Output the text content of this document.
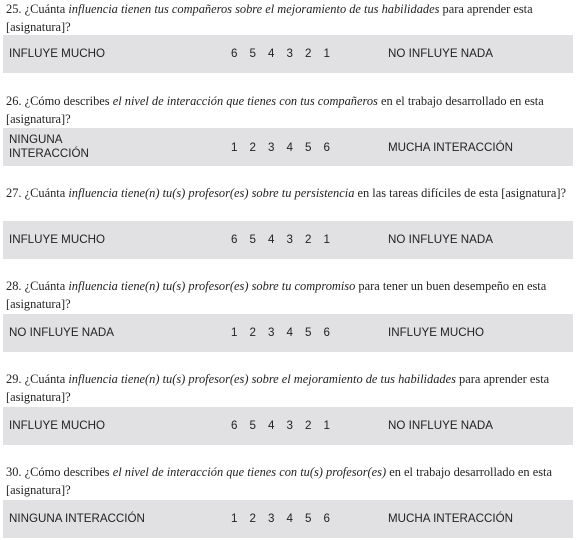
25. ¿Cuánta influencia tienen tus compañeros sobre el mejoramiento de tus habilidades para aprender esta [asignatura]?
INFLUYE MUCHO	6	5	4	3	2	1	NO INFLUYE NADA
26. ¿Cómo describes el nivel de interacción que tienes con tus compañeros en el trabajo desarrollado en esta [asignatura]?
NINGUNA
INTERACCIÓN	1	2	3	4	5	6	MUCHA INTERACCIÓN
27. ¿Cuánta influencia tiene(n) tu(s) profesor(es) sobre tu persistencia en las tareas difíciles de esta [asignatura]?
INFLUYE MUCHO	6	5	4	3	2	1	NO INFLUYE NADA
28. ¿Cuánta influencia tiene(n) tu(s) profesor(es) sobre tu compromiso para tener un buen desempeño en esta [asignatura]?
NO INFLUYE NADA	1	2	3	4	5	6	INFLUYE MUCHO
29. ¿Cuánta influencia tiene(n) tu(s) profesor(es) sobre el mejoramiento de tus habilidades para aprender esta [asignatura]?
INFLUYE MUCHO	6	5	4	3	2	1	NO INFLUYE NADA
30. ¿Cómo describes el nivel de interacción que tienes con tu(s) profesor(es) en el trabajo desarrollado en esta [asignatura]?
NINGUNA INTERACCIÓN	1	2	3	4	5	6	MUCHA INTERACCIÓN
